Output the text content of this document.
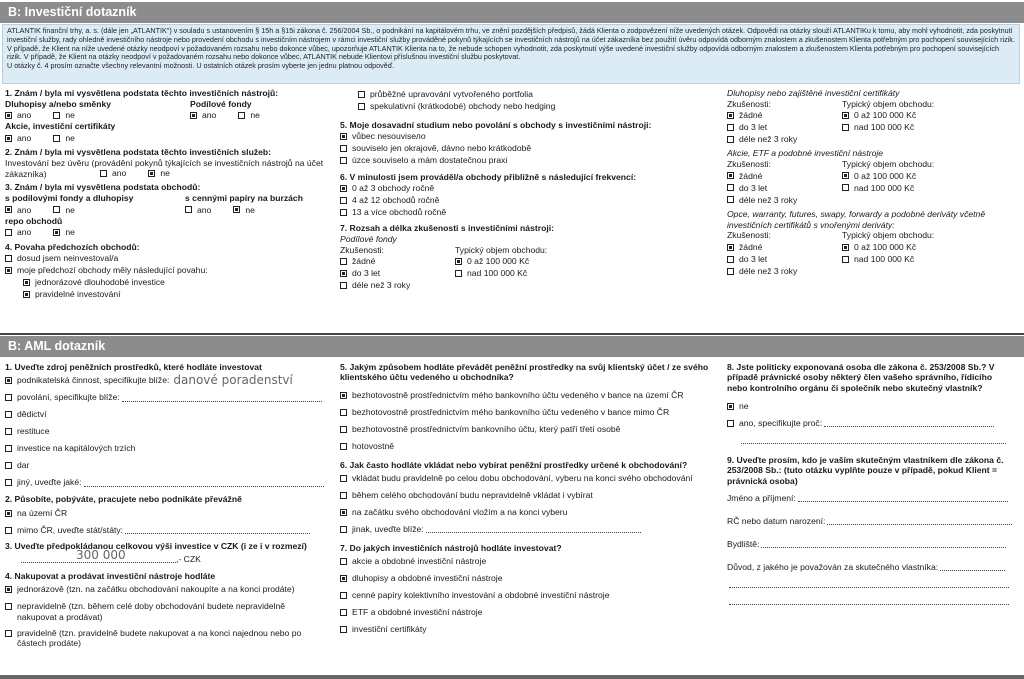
B: Investiční dotazník
ATLANTIK finanční trhy, a. s. (dále jen „ATLANTIK") v souladu s ustanovením § 15h a §15i zákona č. 256/2004 Sb., o podnikání na kapitálovém trhu, ve znění pozdějších předpisů, žádá Klienta o zodpovězení níže uvedených otázek. Odpovědi na otázky slouží ATLANTIKu k tomu, aby mohl vyhodnotit, zda poskytnutí investiční služby, rady ohledně investičního nástroje nebo provedení obchodu s investičním nástrojem v rámci investiční služby prováděné pokynů týkajících se investičních nástrojů na účet zákazníka bez použití úvěru odpovídá odborným znalostem a zkušenostem Klienta potřebným pro pochopení souvisejících rizik. V případě, že Klient na níže uvedené otázky neodpoví v požadovaném rozsahu nebo dokonce vůbec, upozorňuje ATLANTIK Klienta na to, že nebude schopen vyhodnotit, zda poskytnutí výše uvedené investiční služby odpovídá odborným znalostem a zkušenostem Klienta potřebným pro pochopení souvisejících rizik. V případě, že Klient na otázky neodpoví v požadovaném rozsahu nebo dokonce vůbec, ATLANTIK nebude Klientovi příslušnou investiční službu poskytovat.
U otázky č. 4 prosím označte všechny relevantní možnosti. U ostatních otázek prosím vyberte jen jednu platnou odpověď.
1. Znám / byla mi vysvětlena podstata těchto investičních nástrojů:
Dluhopisy a/nebo směnky
ano	ne
Podílové fondy
ano	ne
Akcie, investiční certifikáty
ano	ne
2. Znám / byla mi vysvětlena podstata těchto investičních služeb:
Investování bez úvěru (provádění pokynů týkajících se investičních nástrojů na účet zákazníka)	ano	ne
3. Znám / byla mi vysvětlena podstata obchodů:
s podílovými fondy a dluhopisy
ano	ne
s cennými papíry na burzách
ano	ne
repo obchodů
ano	ne
4. Povaha předchozích obchodů:
dosud jsem neinvestoval/a
moje předchozí obchody měly následující povahu:
jednorázové dlouhodobé investice
pravidelné investování
průběžné upravování vytvořeného portfolia
spekulativní (krátkodobé) obchody nebo hedging
5. Moje dosavadní studium nebo povolání s obchody s investičními nástroji:
vůbec nesouvisело
souviselo jen okrajově, dávno nebo krátkodobě
úzce souviselo a mám dostatečnou praxi
6. V minulosti jsem prováděl/a obchody přibližně s následující frekvencí:
0 až 3 obchody ročně
4 až 12 obchodů ročně
13 a více obchodů ročně
7. Rozsah a délka zkušenosti s investičními nástroji:
Podílové fondy
Zkušenosti:
žádné
do 3 let
déle než 3 roky
Typický objem obchodu:
0 až 100 000 Kč
nad 100 000 Kč
Dluhopisy nebo zajištěné investiční certifikáty
Zkušenosti:
žádné
do 3 let
déle než 3 roky
Typický objem obchodu:
0 až 100 000 Kč
nad 100 000 Kč
Akcie, ETF a podobné investiční nástroje
Zkušenosti:
žádné
do 3 let
déle než 3 roky
Typický objem obchodu:
0 až 100 000 Kč
nad 100 000 Kč
Opce, warranty, futures, swapy, forwardy a podobné deriváty včetně investičních certifikátů s vnořenými deriváty:
Zkušenosti:
žádné
do 3 let
déle než 3 roky
Typický objem obchodu:
0 až 100 000 Kč
nad 100 000 Kč
B: AML dotazník
1. Uveďte zdroj peněžních prostředků, které hodláte investovat
podnikatelská činnost, specifikujte blíže: danové poradenství
povolání, specifikujte blíže:
dědictví
restituce
investice na kapitálových trzích
dar
jiný, uveďte jaké:
2. Působíte, pobýváte, pracujete nebo podnikáte převážně
na území ČR
mimo ČR, uveďte stát/státy:
3. Uveďte předpokládanou celkovou výši investice v CZK (i ze i v rozmezí)
300 000	,- CZK
4. Nakupovat a prodávat investiční nástroje hodláte
jednorázově (tzn. na začátku obchodování nakoupíte a na konci prodáte)
nepravidelně (tzn. během celé doby obchodování budete nepravidelně nakupovat a prodávat)
pravidelně (tzn. pravidelně budete nakupovat a na konci najednou nebo po částech prodáte)
5. Jakým způsobem hodláte převádět peněžní prostředky na svůj klientský účet / ze svého klientského účtu vedeného u obchodníka?
bezhotovostně prostřednictvím mého bankovního účtu vedeného v bance na území ČR
bezhotovostně prostřednictvím mého bankovního účtu vedeného v bance mimo ČR
bezhotovostně prostřednictvím bankovního účtu, který patří třetí osobě
hotovostně
6. Jak často hodláte vkládat nebo vybírat peněžní prostředky určené k obchodování?
vkládat budu pravidelně po celou dobu obchodování, vyberu na konci svého obchodování
během celého obchodování budu nepravidelně vkládat i vybírat
na začátku svého obchodování vložím a na konci vyberu
jinak, uveďte blíže:
7. Do jakých investičních nástrojů hodláte investovat?
akcie a obdobné investiční nástroje
dluhopisy a obdobné investiční nástroje
cenné papíry kolektivního investování a obdobné investiční nástroje
ETF a obdobné investiční nástroje
investiční certifikáty
8. Jste politicky exponovaná osoba dle zákona č. 253/2008 Sb.? V případě právnické osoby některý člen vašeho správního, řídicího nebo kontrolního orgánu či společník nebo skutečný vlastník?
ne
ano, specifikujte proč:
9. Uveďte prosím, kdo je vaším skutečným vlastníkem dle zákona č. 253/2008 Sb.: (tuto otázku vyplňte pouze v případě, pokud Klient = právnická osoba)
Jméno a příjmení:
RČ nebo datum narození:
Bydliště:
Důvod, z jakého je považován za skutečného vlastníka:
